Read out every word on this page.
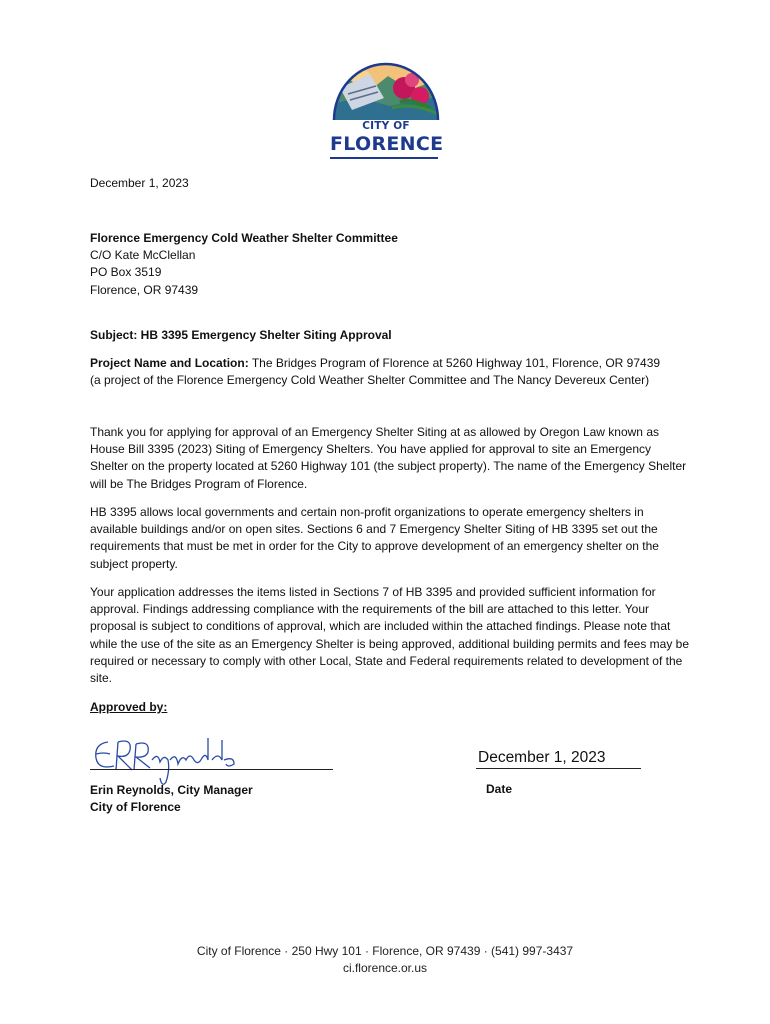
CITY OF
FLORENCE
December 1, 2023
Florence Emergency Cold Weather Shelter Committee
C/O Kate McClellan
PO Box 3519
Florence, OR 97439
Subject: HB 3395 Emergency Shelter Siting Approval
Project Name and Location: The Bridges Program of Florence at 5260 Highway 101, Florence, OR 97439
(a project of the Florence Emergency Cold Weather Shelter Committee and The Nancy Devereux Center)
Thank you for applying for approval of an Emergency Shelter Siting at as allowed by Oregon Law known as House Bill 3395 (2023) Siting of Emergency Shelters. You have applied for approval to site an Emergency Shelter on the property located at 5260 Highway 101 (the subject property). The name of the Emergency Shelter will be The Bridges Program of Florence.
HB 3395 allows local governments and certain non-profit organizations to operate emergency shelters in available buildings and/or on open sites. Sections 6 and 7 Emergency Shelter Siting of HB 3395 set out the requirements that must be met in order for the City to approve development of an emergency shelter on the subject property.
Your application addresses the items listed in Sections 7 of HB 3395 and provided sufficient information for approval. Findings addressing compliance with the requirements of the bill are attached to this letter. Your proposal is subject to conditions of approval, which are included within the attached findings. Please note that while the use of the site as an Emergency Shelter is being approved, additional building permits and fees may be required or necessary to comply with other Local, State and Federal requirements related to development of the site.
Approved by:
December 1, 2023
Erin Reynolds, City Manager
City of Florence
Date
City of Florence · 250 Hwy 101 · Florence, OR 97439 · (541) 997-3437
ci.florence.or.us
